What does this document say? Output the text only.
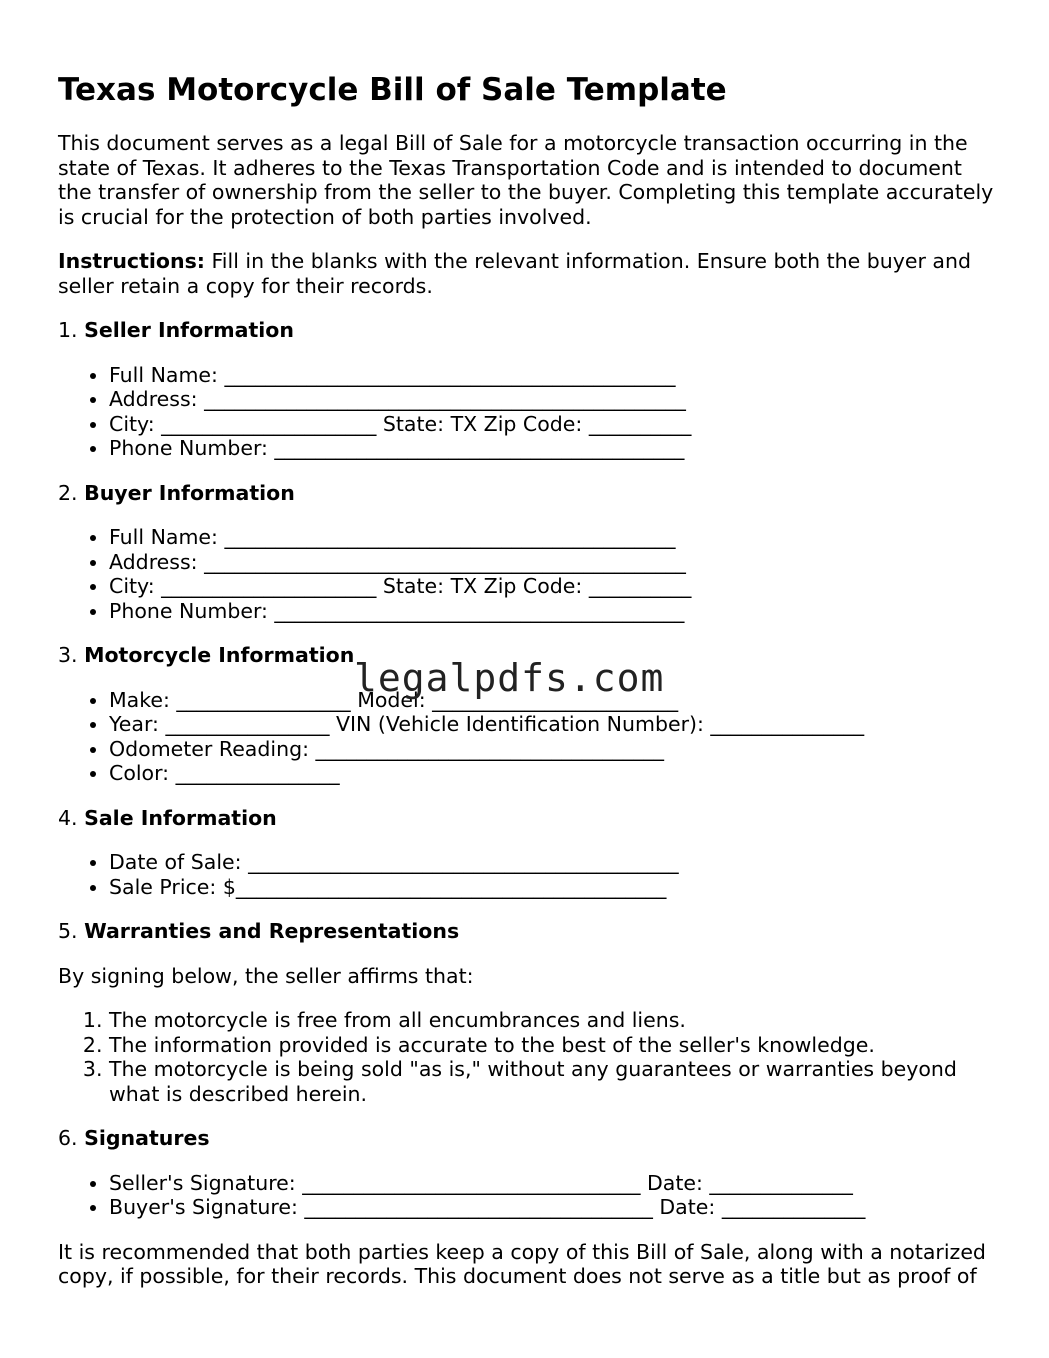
Texas Motorcycle Bill of Sale Template

This document serves as a legal Bill of Sale for a motorcycle transaction occurring in the state of Texas. It adheres to the Texas Transportation Code and is intended to document the transfer of ownership from the seller to the buyer. Completing this template accurately is crucial for the protection of both parties involved.

Instructions: Fill in the blanks with the relevant information. Ensure both the buyer and seller retain a copy for their records.

1. Seller Information
• Full Name: ____________________________________________
• Address: _______________________________________________
• City: _____________________ State: TX Zip Code: __________
• Phone Number: ________________________________________
2. Buyer Information
• Full Name: ____________________________________________
• Address: _______________________________________________
• City: _____________________ State: TX Zip Code: __________
• Phone Number: ________________________________________
3. Motorcycle Information
• Make: _________________ Model: ________________________
• Year: ________________ VIN (Vehicle Identification Number): _______________
• Odometer Reading: __________________________________
• Color: ________________
4. Sale Information
• Date of Sale: __________________________________________
• Sale Price: $__________________________________________
5. Warranties and Representations

By signing below, the seller affirms that:

1. The motorcycle is free from all encumbrances and liens.
2. The information provided is accurate to the best of the seller's knowledge.
3. The motorcycle is being sold "as is," without any guarantees or warranties beyond what is described herein.
6. Signatures
• Seller's Signature: _________________________________ Date: ______________
• Buyer's Signature: __________________________________ Date: ______________

It is recommended that both parties keep a copy of this Bill of Sale, along with a notarized copy, if possible, for their records. This document does not serve as a title but as proof of

legalpdfs.com
